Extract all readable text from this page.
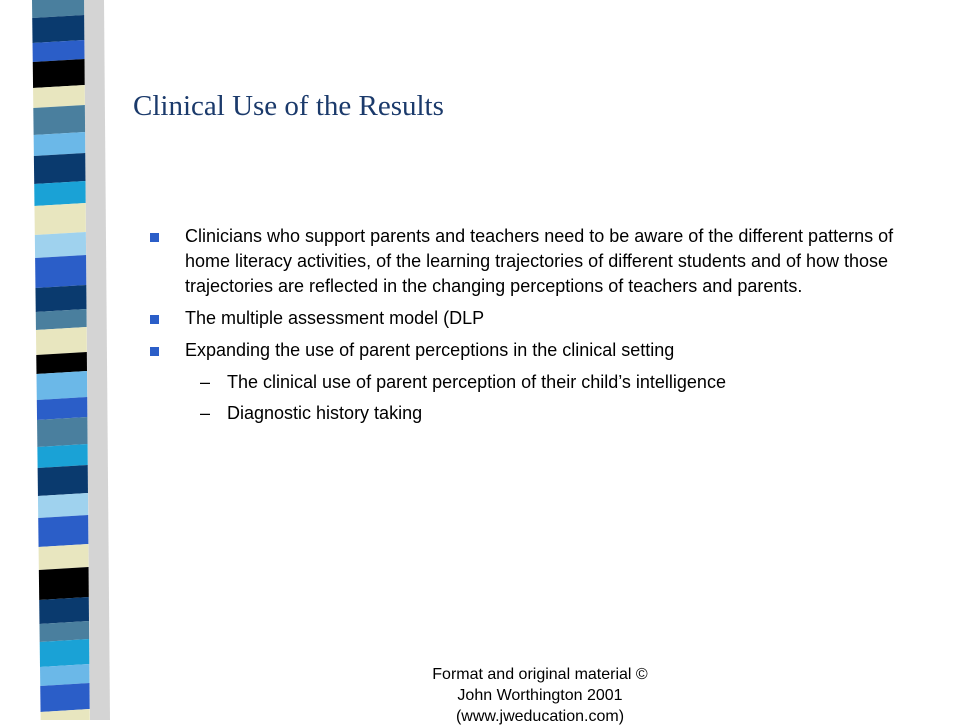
Clinical Use of the Results
Clinicians who support parents and teachers need to be aware of the different patterns of home literacy activities, of the learning trajectories of different students and of how those trajectories are reflected in the changing perceptions of teachers and parents.
The multiple assessment model (DLP
Expanding the use of parent perceptions in the clinical setting
– The clinical use of parent perception of their child’s intelligence
– Diagnostic history taking
Format and original material ©
John Worthington 2001
(www.jweducation.com)
